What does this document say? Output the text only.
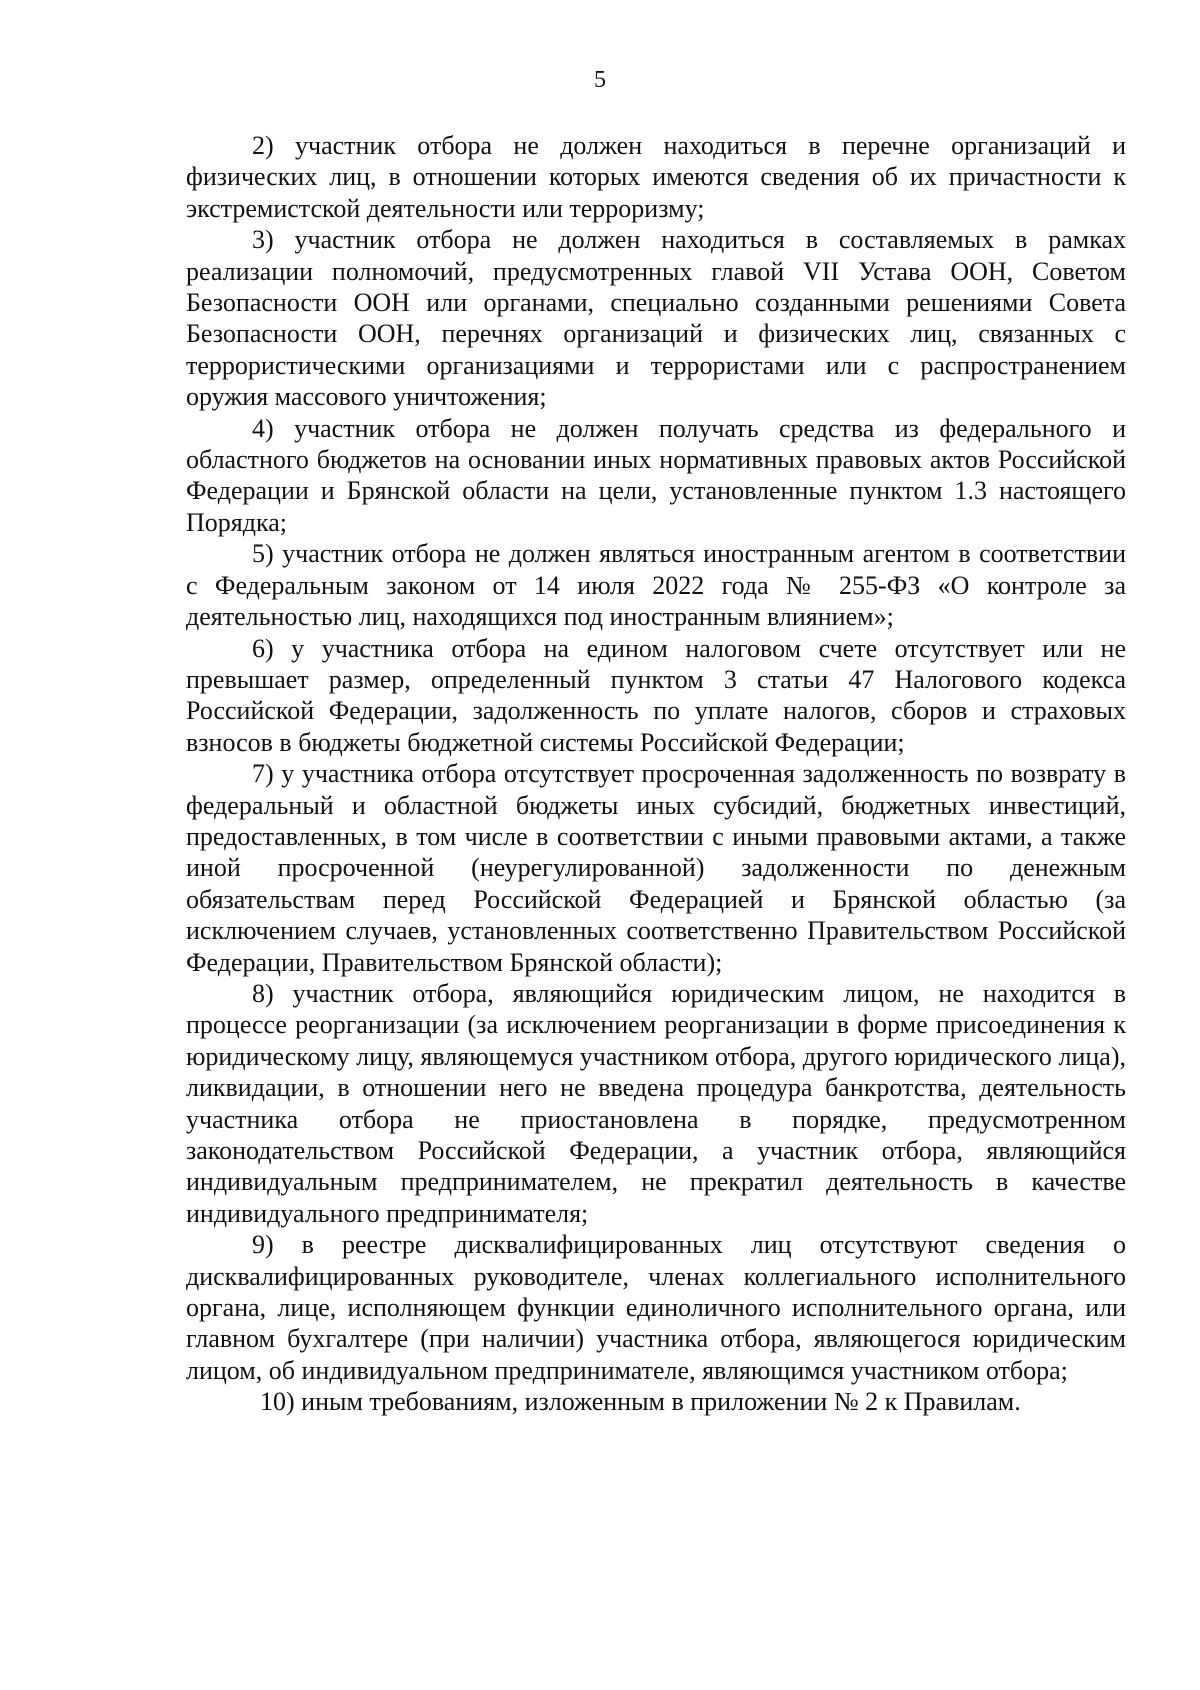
5

2) участник отбора не должен находиться в перечне организаций и физических лиц, в отношении которых имеются сведения об их причастности к экстремистской деятельности или терроризму;

3) участник отбора не должен находиться в составляемых в рамках реализации полномочий, предусмотренных главой VII Устава ООН, Советом Безопасности ООН или органами, специально созданными решениями Совета Безопасности ООН, перечнях организаций и физических лиц, связанных с террористическими организациями и террористами или с распространением оружия массового уничтожения;

4) участник отбора не должен получать средства из федерального и областного бюджетов на основании иных нормативных правовых актов Российской Федерации и Брянской области на цели, установленные пунктом 1.3 настоящего Порядка;

5) участник отбора не должен являться иностранным агентом в соответствии с Федеральным законом от 14 июля 2022 года № 255-ФЗ «О контроле за деятельностью лиц, находящихся под иностранным влиянием»;

6) у участника отбора на едином налоговом счете отсутствует или не превышает размер, определенный пунктом 3 статьи 47 Налогового кодекса Российской Федерации, задолженность по уплате налогов, сборов и страховых взносов в бюджеты бюджетной системы Российской Федерации;

7) у участника отбора отсутствует просроченная задолженность по возврату в федеральный и областной бюджеты иных субсидий, бюджетных инвестиций, предоставленных, в том числе в соответствии с иными правовыми актами, а также иной просроченной (неурегулированной) задолженности по денежным обязательствам перед Российской Федерацией и Брянской областью (за исключением случаев, установленных соответственно Правительством Российской Федерации, Правительством Брянской области);

8) участник отбора, являющийся юридическим лицом, не находится в процессе реорганизации (за исключением реорганизации в форме присоединения к юридическому лицу, являющемуся участником отбора, другого юридического лица), ликвидации, в отношении него не введена процедура банкротства, деятельность участника отбора не приостановлена в порядке, предусмотренном законодательством Российской Федерации, а участник отбора, являющийся индивидуальным предпринимателем, не прекратил деятельность в качестве индивидуального предпринимателя;

9) в реестре дисквалифицированных лиц отсутствуют сведения о дисквалифицированных руководителе, членах коллегиального исполнительного органа, лице, исполняющем функции единоличного исполнительного органа, или главном бухгалтере (при наличии) участника отбора, являющегося юридическим лицом, об индивидуальном предпринимателе, являющимся участником отбора;

10) иным требованиям, изложенным в приложении № 2 к Правилам.
